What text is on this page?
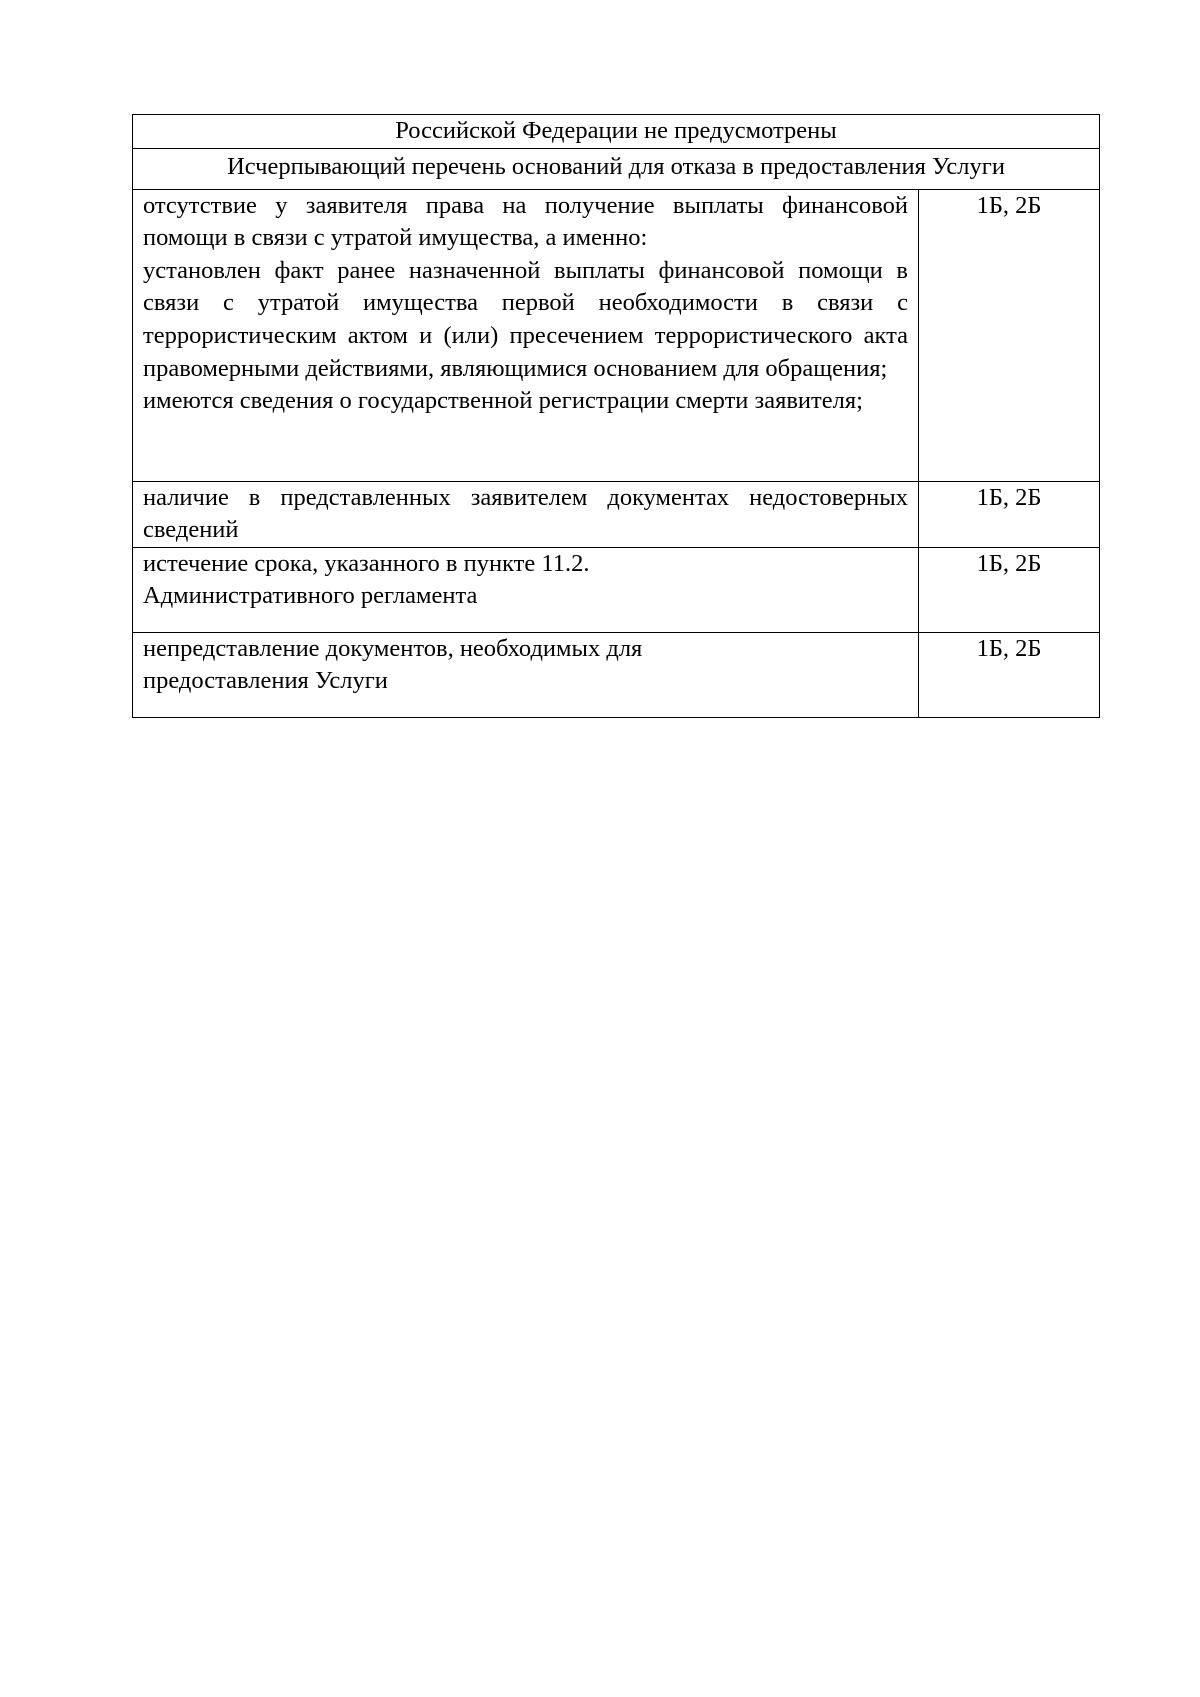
Российской Федерации не предусмотрены	
Исчерпывающий перечень оснований для отказа в предоставления Услуги	

отсутствие у заявителя права на получение выплаты финансовой помощи в связи с утратой имущества, а именно:

установлен факт ранее назначенной выплаты финансовой помощи в связи с утратой имущества первой необходимости в связи с террористическим актом и (или) пресечением террористического акта правомерными действиями, являющимися основанием для обращения;

имеются сведения о государственной регистрации смерти заявителя;	1Б, 2Б

наличие в представленных заявителем документах недостоверных сведений	1Б, 2Б

истечение срока, указанного в пункте 11.2.

Административного регламента	1Б, 2Б

непредставление документов, необходимых для

предоставления Услуги	1Б, 2Б
